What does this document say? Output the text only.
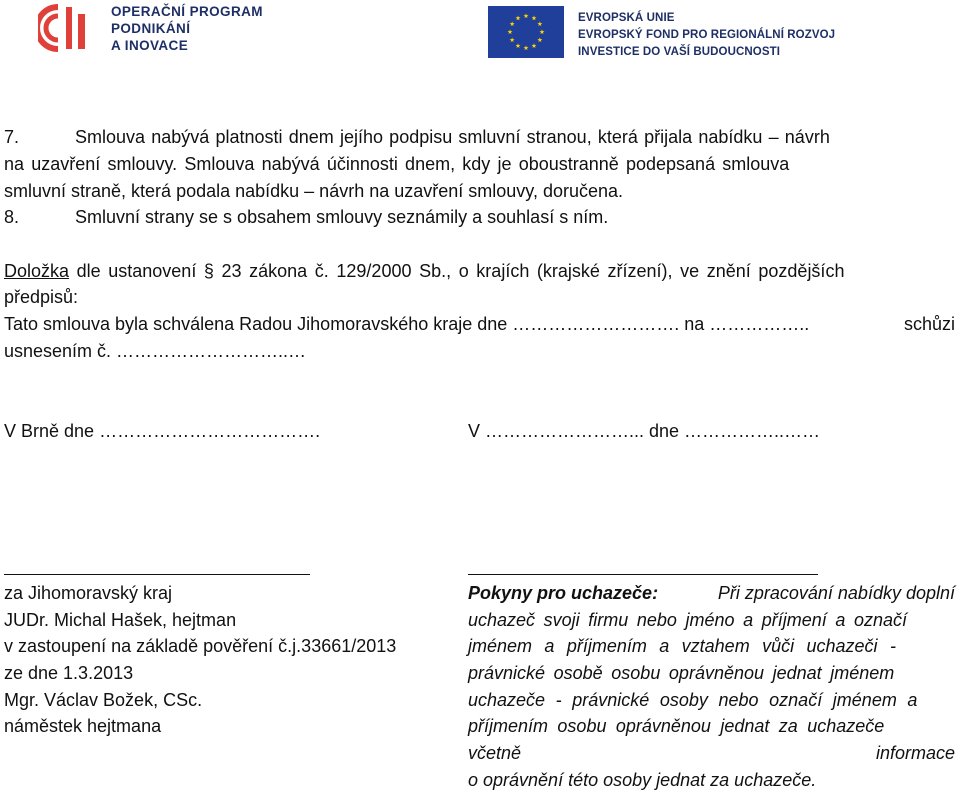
OPERAČNÍ PROGRAM
PODNIKÁNÍ
A INOVACE
EVROPSKÁ UNIE
EVROPSKÝ FOND PRO REGIONÁLNÍ ROZVOJ
INVESTICE DO VAŠÍ BUDOUCNOSTI
7.	Smlouva nabývá platnosti dnem jejího podpisu smluvní stranou, která přijala nabídku – návrh
na uzavření smlouvy. Smlouva nabývá účinnosti dnem, kdy je oboustranně podepsaná smlouva
smluvní straně, která podala nabídku – návrh na uzavření smlouvy, doručena.
8.	Smluvní strany se s obsahem smlouvy seznámily a souhlasí s ním.
Doložka dle ustanovení § 23 zákona č. 129/2000 Sb., o krajích (krajské zřízení), ve znění pozdějších
předpisů:
Tato smlouva byla schválena Radou Jihomoravského kraje dne ………………………. na ……………..	schůzi
usnesením č. ………………………..…
V Brně dne ……………………………….	V ……………………... dne ……………..……
za Jihomoravský kraj
JUDr. Michal Hašek, hejtman
v zastoupení na základě pověření č.j.33661/2013
ze dne 1.3.2013
Mgr. Václav Božek, CSc.
náměstek hejtmana
Pokyny pro uchazeče:	Při zpracování nabídky doplní
uchazeč svoji firmu nebo jméno a příjmení a označí
jménem a příjmením a vztahem vůči uchazeči -
právnické osobě osobu oprávněnou jednat jménem
uchazeče - právnické osoby nebo označí jménem a
příjmením osobu oprávněnou jednat za uchazeče
včetně	informace
o oprávnění této osoby jednat za uchazeče.
